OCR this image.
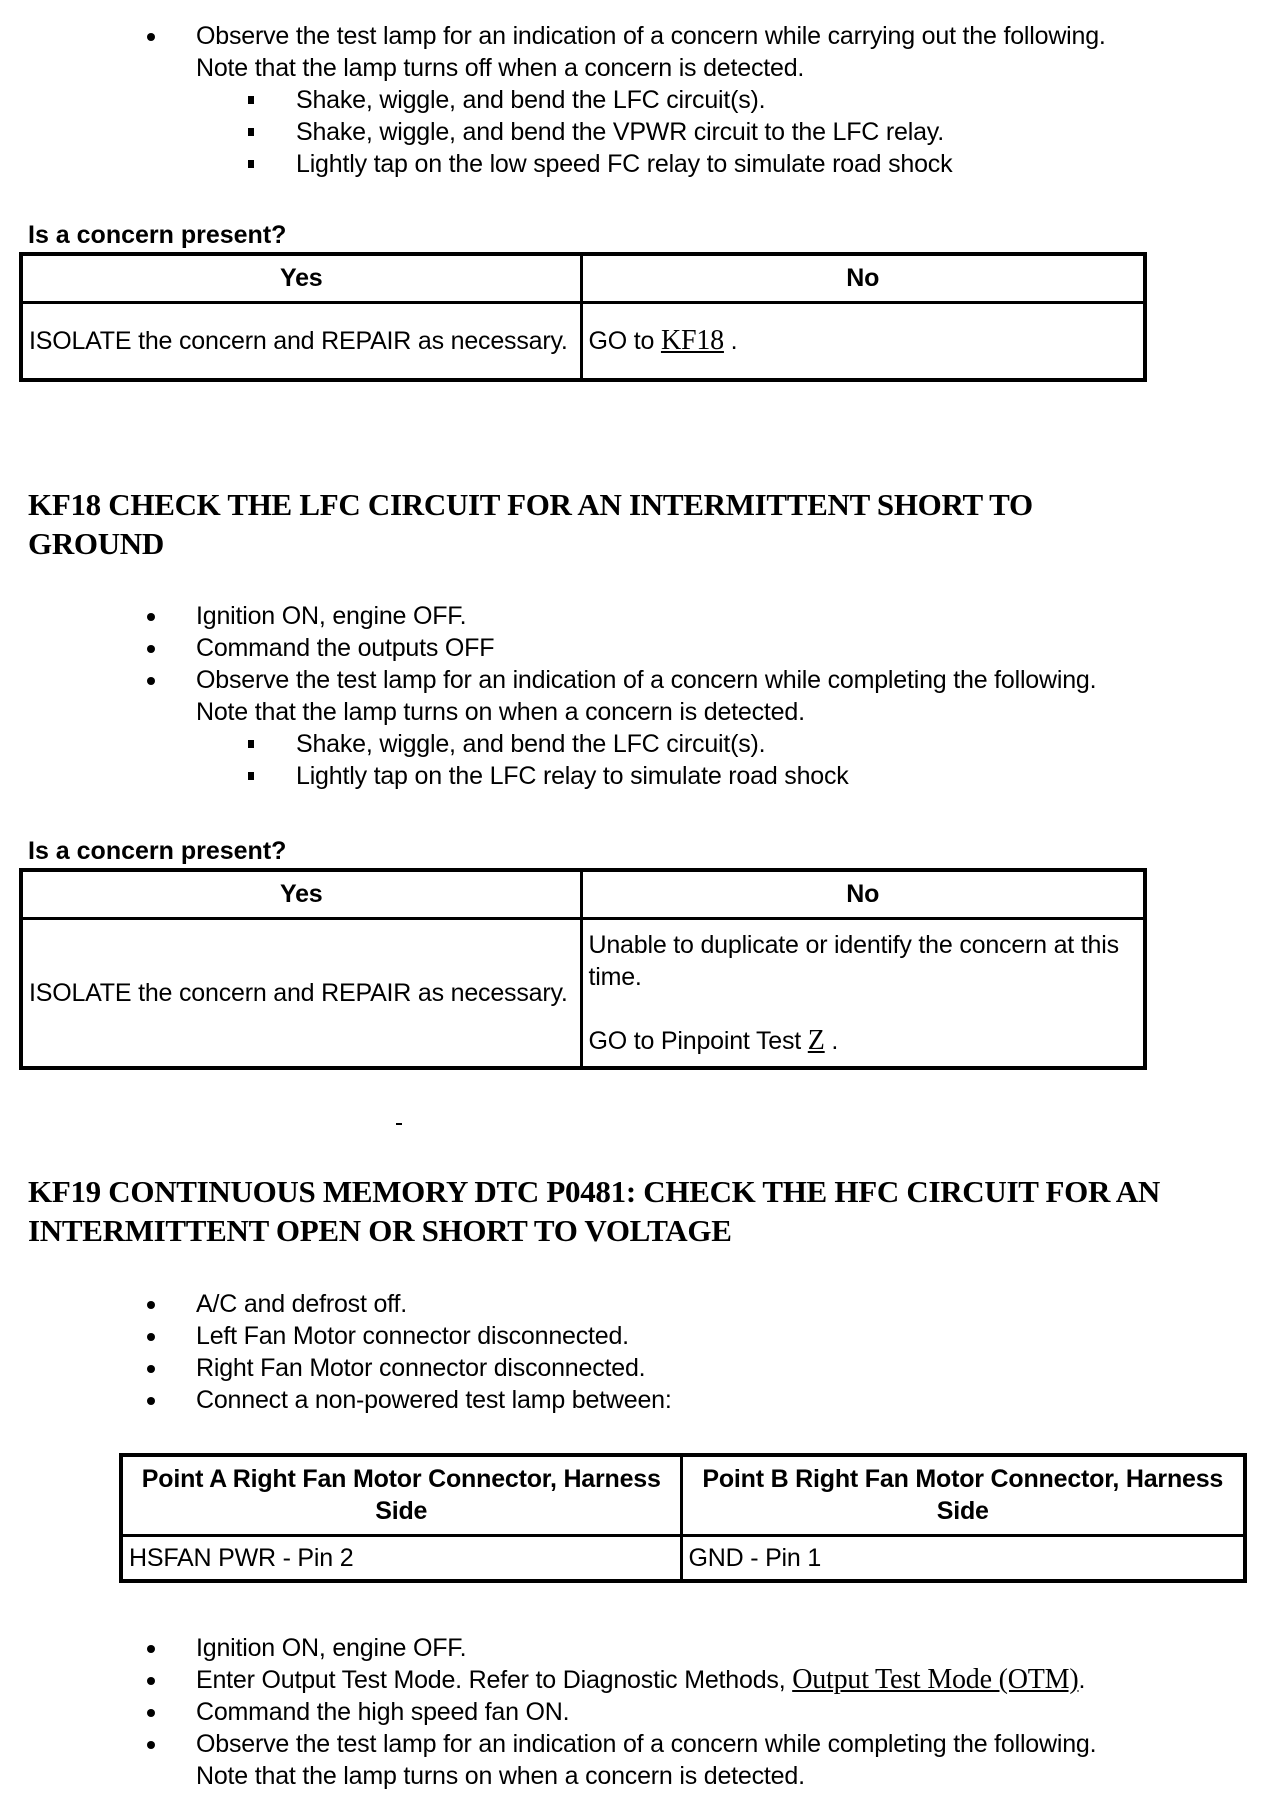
Observe the test lamp for an indication of a concern while carrying out the following.
Note that the lamp turns off when a concern is detected.
Shake, wiggle, and bend the LFC circuit(s).
Shake, wiggle, and bend the VPWR circuit to the LFC relay.
Lightly tap on the low speed FC relay to simulate road shock
Is a concern present?
Yes	No
ISOLATE the concern and REPAIR as necessary.	GO to KF18 .
KF18 CHECK THE LFC CIRCUIT FOR AN INTERMITTENT SHORT TO GROUND
Ignition ON, engine OFF.
Command the outputs OFF
Observe the test lamp for an indication of a concern while completing the following.
Note that the lamp turns on when a concern is detected.
Shake, wiggle, and bend the LFC circuit(s).
Lightly tap on the LFC relay to simulate road shock
Is a concern present?
Yes	No
ISOLATE the concern and REPAIR as necessary.	Unable to duplicate or identify the concern at this time.
GO to Pinpoint Test Z .
KF19 CONTINUOUS MEMORY DTC P0481: CHECK THE HFC CIRCUIT FOR AN INTERMITTENT OPEN OR SHORT TO VOLTAGE
A/C and defrost off.
Left Fan Motor connector disconnected.
Right Fan Motor connector disconnected.
Connect a non-powered test lamp between:
Point A Right Fan Motor Connector, Harness Side	Point B Right Fan Motor Connector, Harness Side
HSFAN PWR - Pin 2	GND - Pin 1
Ignition ON, engine OFF.
Enter Output Test Mode. Refer to Diagnostic Methods, Output Test Mode (OTM).
Command the high speed fan ON.
Observe the test lamp for an indication of a concern while completing the following.
Note that the lamp turns on when a concern is detected.
